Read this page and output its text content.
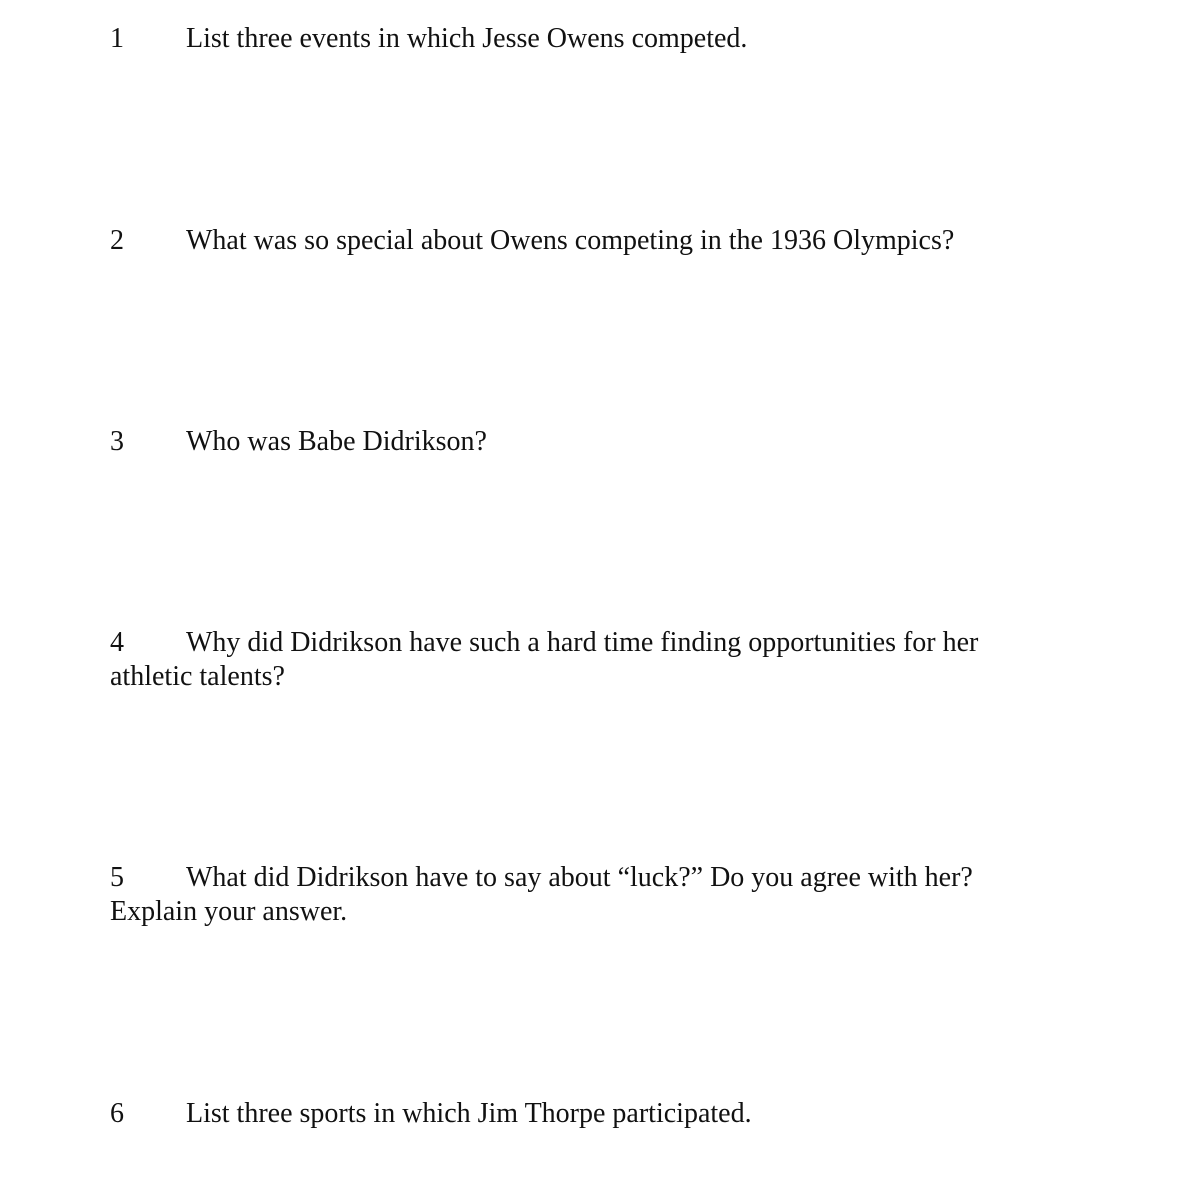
1 List three events in which Jesse Owens competed.
2 What was so special about Owens competing in the 1936 Olympics?
3 Who was Babe Didrikson?
4 Why did Didrikson have such a hard time finding opportunities for her athletic talents?
5 What did Didrikson have to say about “luck?” Do you agree with her? Explain your answer.
6 List three sports in which Jim Thorpe participated.
